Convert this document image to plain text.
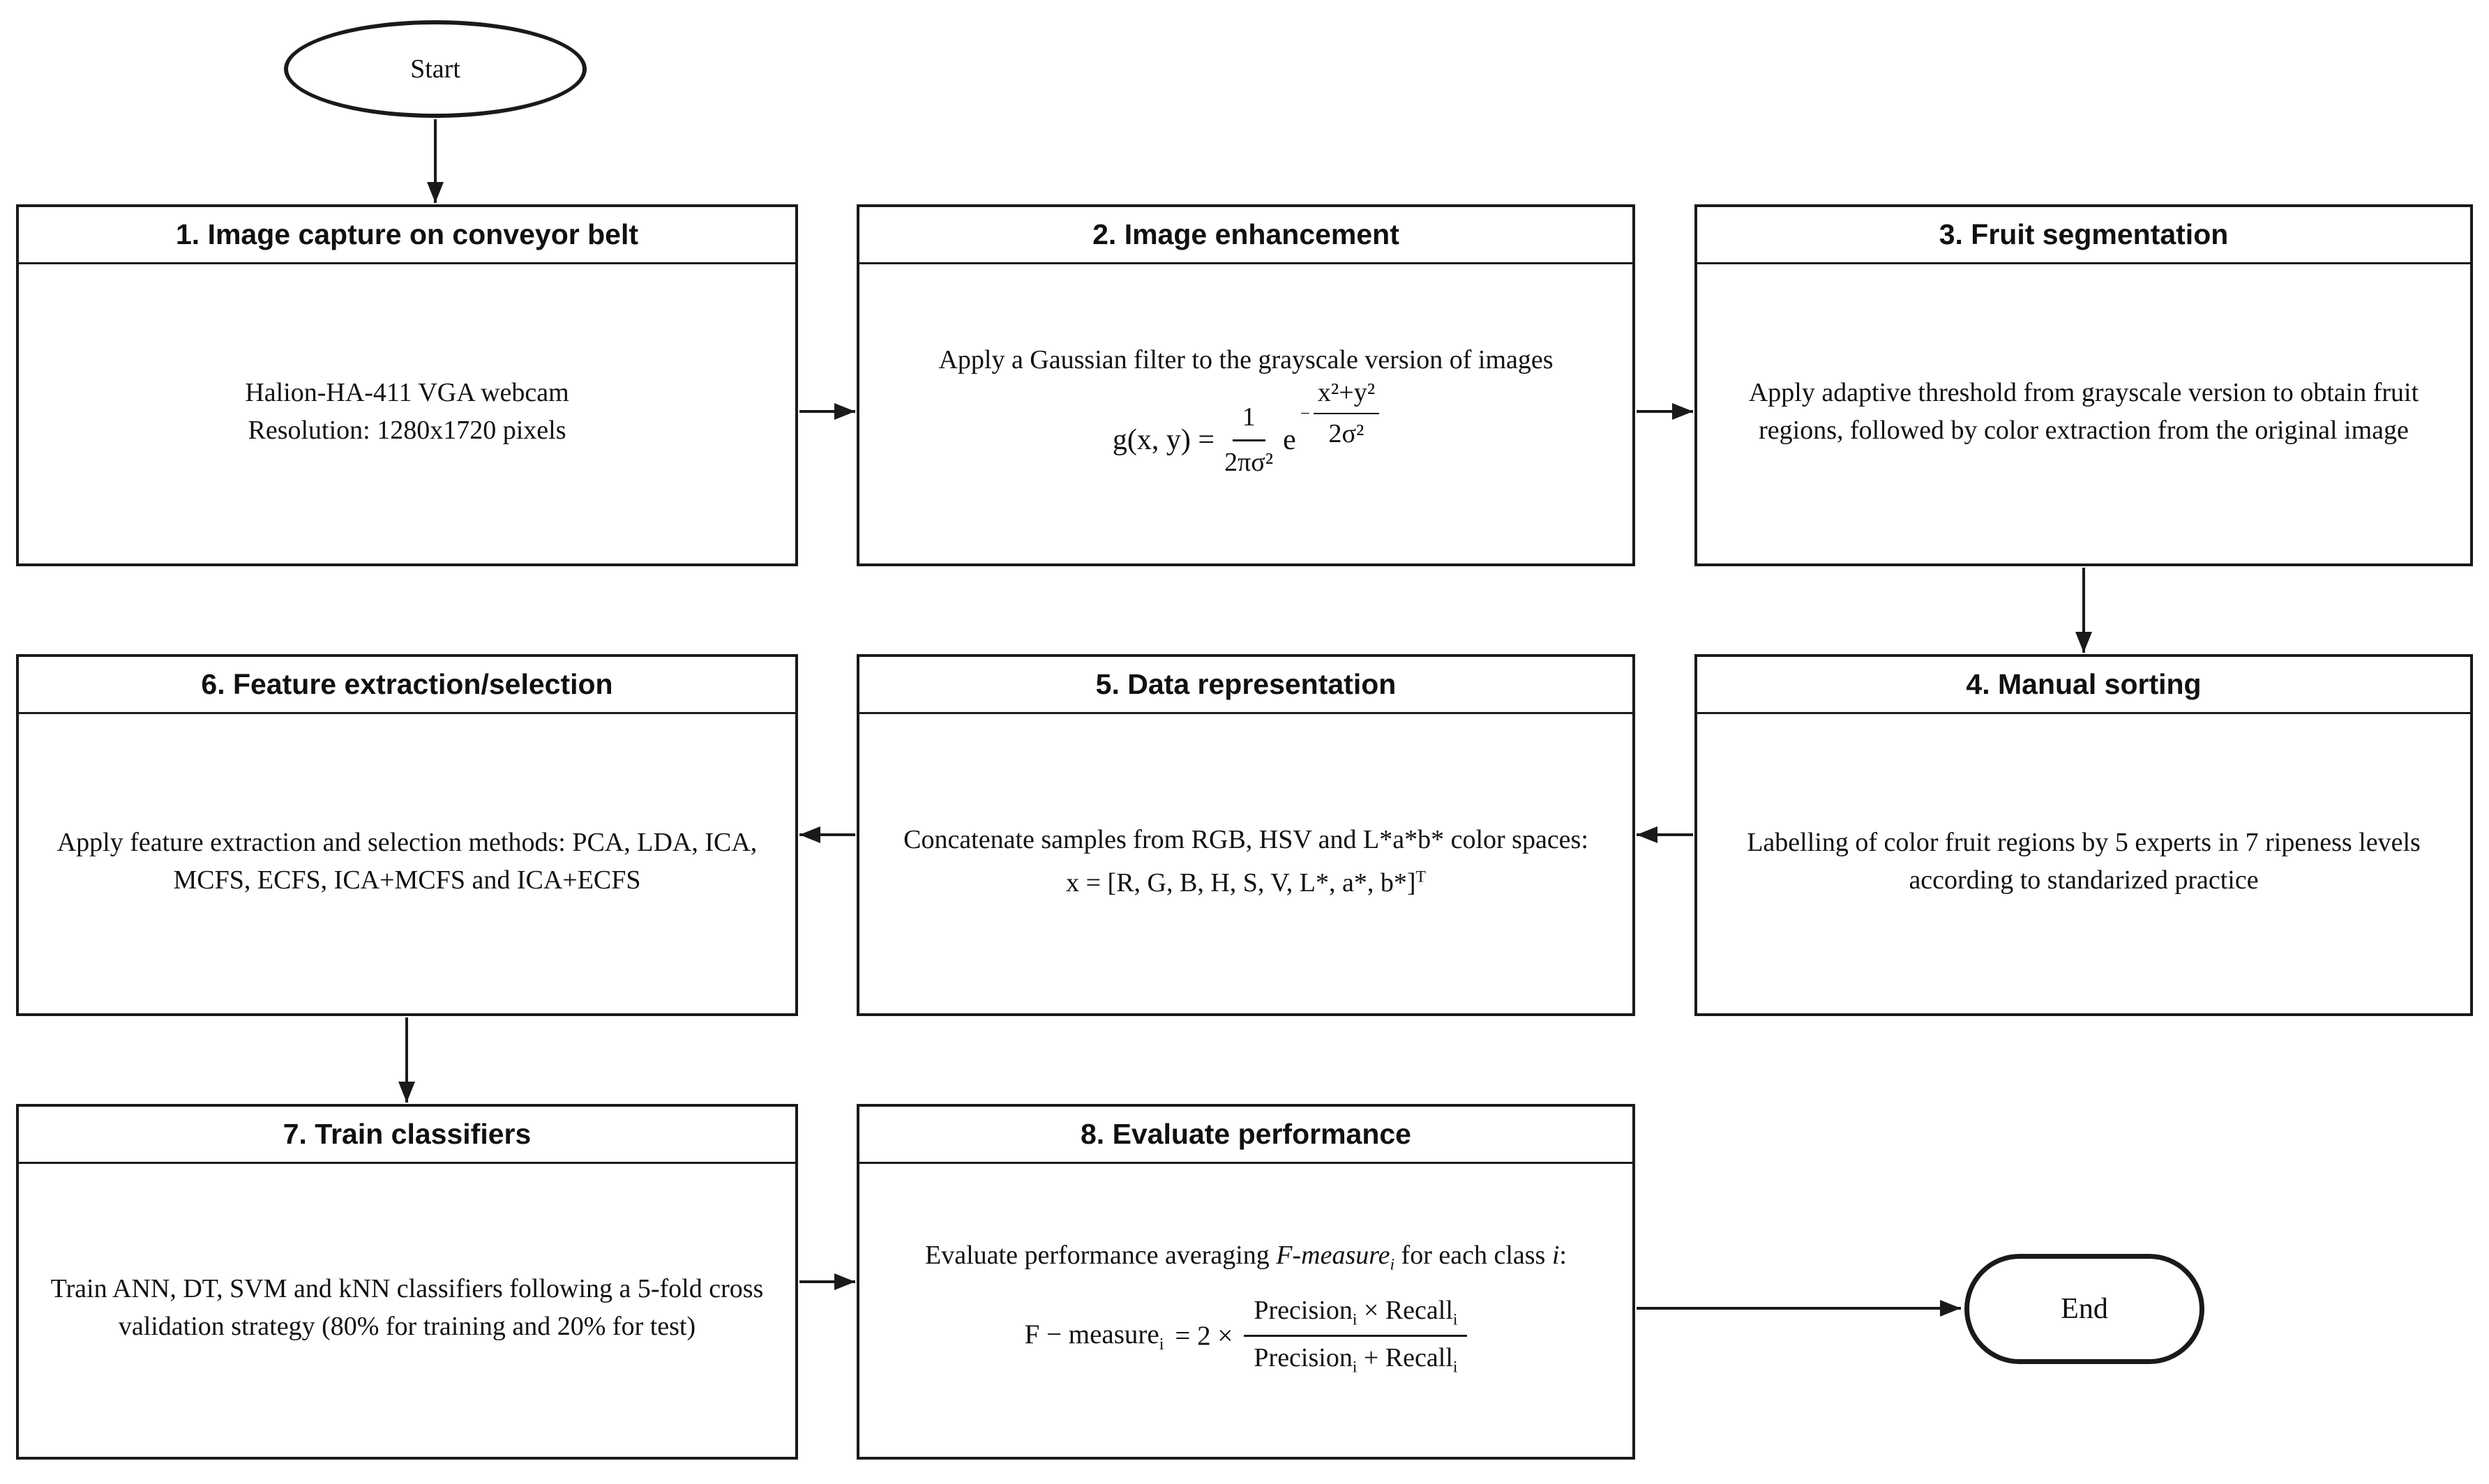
Start
1. Image capture on conveyor belt
Halion-HA-411 VGA webcam
Resolution: 1280x1720 pixels
2. Image enhancement
Apply a Gaussian filter to the grayscale version of images
g(x, $y) = \frac{1}{\text{2πσ²}}$ e
− $\frac{\text{x²+y²}}{\text{2σ²}}$
3. Fruit segmentation
Apply adaptive threshold from grayscale version to obtain fruit regions, followed by color extraction from the original image
6. Feature extraction/selection
Apply feature extraction and selection methods: PCA, LDA, ICA, MCFS, ECFS, ICA+MCFS and ICA+ECFS
5. Data representation
Concatenate samples from RGB, HSV and L*a*b* color spaces:
x = [R, G, B, H, S, V, L*, a*, b*]$^T$
4. Manual sorting
Labelling of color fruit regions by 5 experts in 7 ripeness levels according to standarized practice
7. Train classifiers
Train ANN, DT, SVM and kNN classifiers following a 5-fold cross validation strategy (80% for training and 20% for test)
8. Evaluate performance
Evaluate performance averaging F-measure$_i$ for each class i:
F − measure$_i$ = $2 \times \frac{Precision_i \times Recall_i}{Precision_i + Recall_i}$	End
